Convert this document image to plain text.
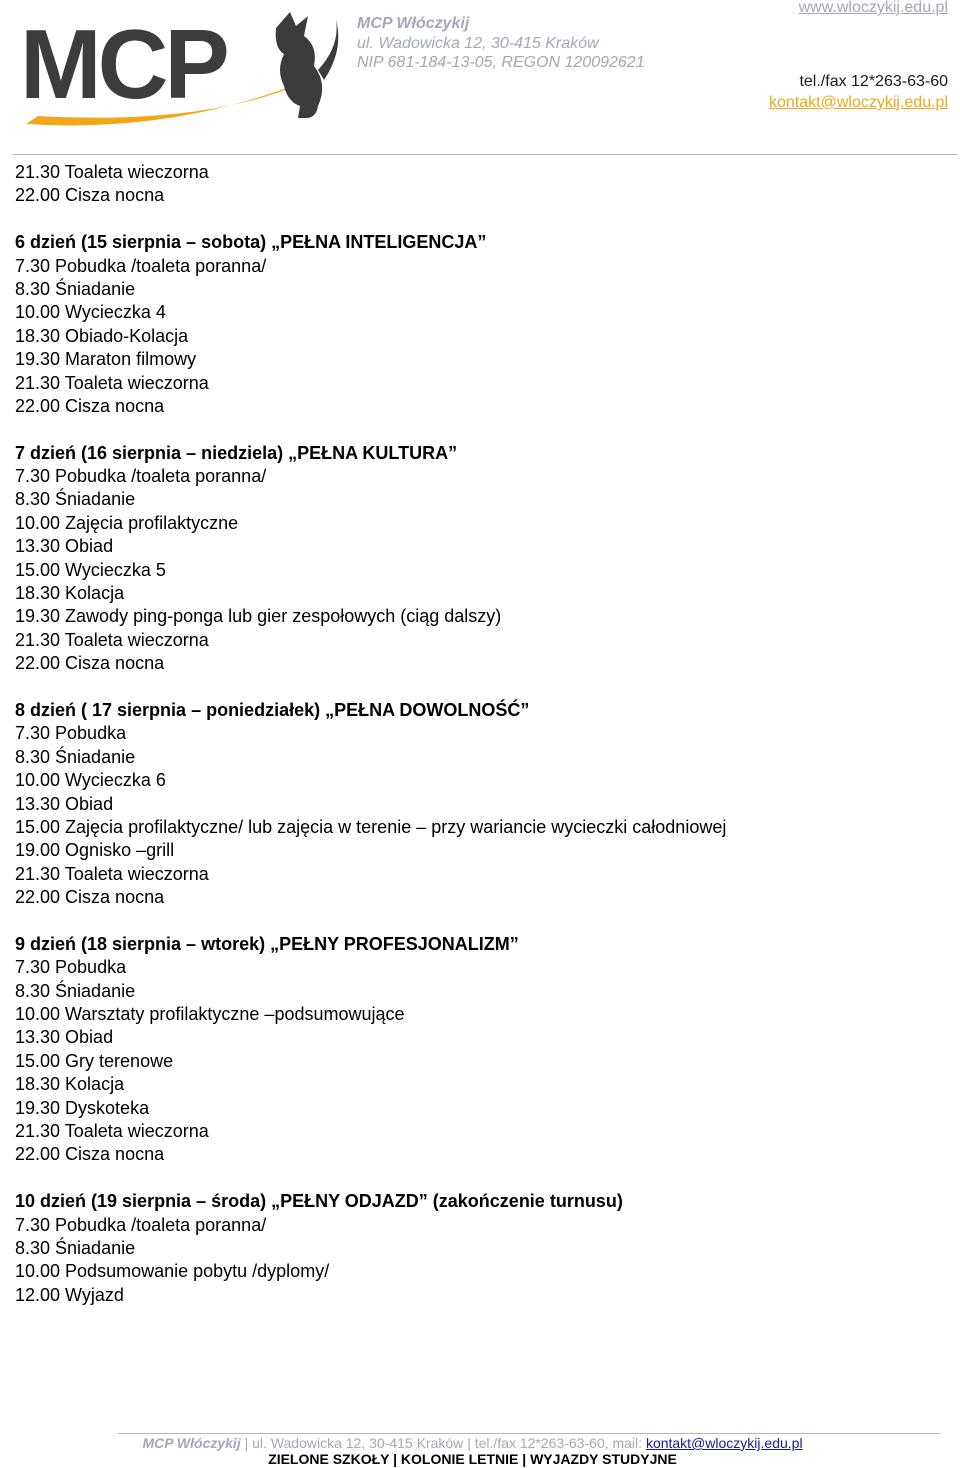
MCP	MCP Włóczykij
ul. Wadowicka 12, 30-415 Kraków
NIP 681-184-13-05, REGON 120092621
www.wloczykij.edu.pl
tel./fax 12*263-63-60
kontakt@wloczykij.edu.pl
21.30 Toaleta wieczorna
22.00 Cisza nocna
6 dzień (15 sierpnia – sobota) „PEŁNA INTELIGENCJA”
7.30 Pobudka /toaleta poranna/
8.30 Śniadanie
10.00 Wycieczka 4
18.30 Obiado-Kolacja
19.30 Maraton filmowy
21.30 Toaleta wieczorna
22.00 Cisza nocna
7 dzień (16 sierpnia – niedziela) „PEŁNA KULTURA”
7.30 Pobudka /toaleta poranna/
8.30 Śniadanie
10.00 Zajęcia profilaktyczne
13.30 Obiad
15.00 Wycieczka 5
18.30 Kolacja
19.30 Zawody ping-ponga lub gier zespołowych (ciąg dalszy)
21.30 Toaleta wieczorna
22.00 Cisza nocna
8 dzień ( 17 sierpnia – poniedziałek) „PEŁNA DOWOLNOŚĆ”
7.30 Pobudka
8.30 Śniadanie
10.00 Wycieczka 6
13.30 Obiad
15.00 Zajęcia profilaktyczne/ lub zajęcia w terenie – przy wariancie wycieczki całodniowej
19.00 Ognisko –grill
21.30 Toaleta wieczorna
22.00 Cisza nocna
9 dzień (18 sierpnia – wtorek) „PEŁNY PROFESJONALIZM”
7.30 Pobudka
8.30 Śniadanie
10.00 Warsztaty profilaktyczne –podsumowujące
13.30 Obiad
15.00 Gry terenowe
18.30 Kolacja
19.30 Dyskoteka
21.30 Toaleta wieczorna
22.00 Cisza nocna
10 dzień (19 sierpnia – środa) „PEŁNY ODJAZD” (zakończenie turnusu)
7.30 Pobudka /toaleta poranna/
8.30 Śniadanie
10.00 Podsumowanie pobytu /dyplomy/
12.00 Wyjazd
MCP Włóczykij | ul. Wadowicka 12, 30-415 Kraków | tel./fax 12*263-63-60, mail: kontakt@wloczykij.edu.pl
ZIELONE SZKOŁY | KOLONIE LETNIE | WYJAZDY STUDYJNE
